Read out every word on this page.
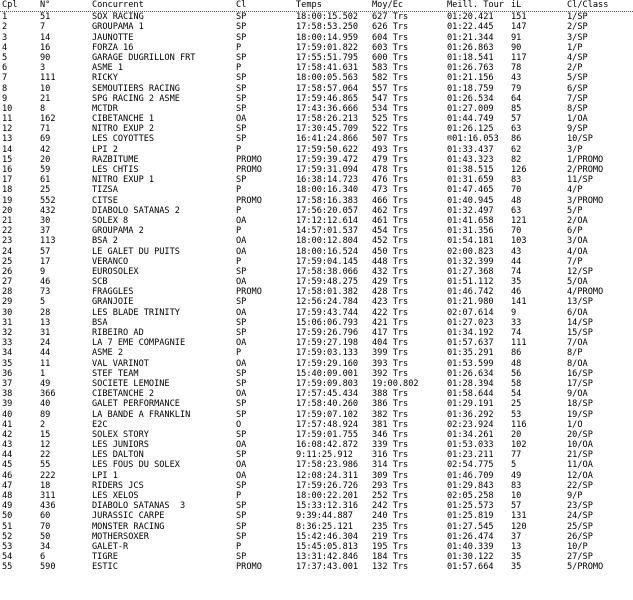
Cpl	N°	Concurrent	Cl	Temps	Moy/Ec	Meill. Tour iL	Cl/Class
1	51	SOX RACING	SP	18:00:15.502 627 Trs	01:20.421 151	1/SP
2	7	GROUPAMA 1	SP	17:58:53.250 626 Trs	01:22.445 147	2/SP
3	14	JAUNOTTE	SP	18:00:14.959 604 Trs	01:21.344 91	3/SP
4	16	FORZA 16	P	17:59:01.822 603 Trs	01:26.863 90	1/P
5	90	GARAGE DUGRILLON FRT	SP	17:55:51.795 600 Trs	01:18.541 117	4/SP
6	3	ASME 1	P	17:58:41.631 583 Trs	01:26.763 78	2/P
7	111	RICKY	SP	18:00:05.563 582 Trs	01:21.156 43	5/SP
8	10	SEMOUTIERS RACING	SP	17:58:57.064 557 Trs	01:18.759 79	6/SP
9	21	SPG RACING 2 ASME	SP	17:59:46.865 547 Trs	01:26.534 64	7/SP
10	8	MCTDR	SP	17:43:36.666 534 Trs	01:27.009 85	8/SP
11	162	CIBETANCHE 1	OA	17:58:26.213 525 Trs	01:44.749 57	1/OA
12	71	NITRO EXUP 2	SP	17:30:45.709 522 Trs	01:26.125 63	9/SP
13	69	LES COYOTTES	SP	16:41:24.866 507 Trs	®01:16.053 86	10/SP
14	42	LPI 2	P	17:59:50.622 493 Trs	01:33.437 62	3/P
15	20	RAZBITUME	PROMO	17:59:39.472 479 Trs	01:43.323 82	1/PROMO
16	59	LES CHTIS	PROMO	17:59:31.094 478 Trs	01:38.515 126	2/PROMO
17	61	NITRO EXUP 1	SP	16:38:14.723 476 Trs	01:31.659 83	11/SP
18	25	TIZSA	P	18:00:16.340 473 Trs	01:47.465 70	4/P
19	552	CITSE	PROMO	17:58:16.383 466 Trs	01:40.945 48	3/PROMO
20	432	DIABOLO SATANAS 2	P	17:56:20.057 462 Trs	01:32.497 63	5/P
21	30	SOLEX 8	OA	17:12:12.614 461 Trs	01:41.658 121	2/OA
22	37	GROUPAMA 2	P	14:57:01.537 454 Trs	01:31.356 70	6/P
23	113	BSA 2	OA	18:00:12.804 452 Trs	01:54.181 103	3/OA
24	57	LE GALET DU PUITS	OA	18:00:16.524 450 Trs	02:00.823 43	4/OA
25	17	VERANCO	P	17:59:04.145 448 Trs	01:32.399 44	7/P
26	9	EUROSOLEX	SP	17:58:38.066 432 Trs	01:27.368 74	12/SP
27	46	SCB	OA	17:59:48.275 429 Trs	01:51.112 35	5/OA
28	73	FRAGGLES	PROMO	17:58:01.382 428 Trs	01:46.742 46	4/PROMO
29	5	GRANJOIE	SP	12:56:24.784 423 Trs	01:21.980 141	13/SP
30	28	LES BLADE TRINITY	OA	17:59:43.744 422 Trs	02:07.614 9	6/OA
31	13	BSA	SP	15:06:06.793 421 Trs	01:27.023 33	14/SP
32	31	RIBEIRO AD	SP	17:59:26.796 417 Trs	01:34.192 74	15/SP
33	24	LA 7 EME COMPAGNIE	OA	17:59:27.198 404 Trs	01:57.637 111	7/OA
34	44	ASME 2	P	17:59:03.133 399 Trs	01:35.291 86	8/P
35	11	VAL VARINOT	OA	17:59:29.160 393 Trs	01:53.599 48	8/OA
36	1	STEF TEAM	SP	15:40:09.001 392 Trs	01:26.634 56	16/SP
37	49	SOCIETE LEMOINE	SP	17:59:09.803 19:00.802	01:28.394 58	17/SP
38	366	CIBETANCHE 2	OA	17:57:45.434 388 Trs	01:58.644 54	9/OA
39	40	GALET PERFORMANCE	SP	17:58:40.260 386 Trs	01:29.191 25	18/SP
40	89	LA BANDE A FRANKLIN	SP	17:59:07.102 382 Trs	01:36.292 53	19/SP
41	2	E2C	O	17:57:48.924 381 Trs	02:23.924 116	1/O
42	15	SOLEX STORY	SP	17:59:01.755 346 Trs	01:34.261 20	20/SP
43	12	LES JUNIORS	OA	16:08:42.872 339 Trs	01:53.033 102	10/OA
44	22	LES DALTON	SP	9:11:25.912 316 Trs	01:23.211 77	21/SP
45	55	LES FOUS DU SOLEX	OA	17:58:23.986 314 Trs	02:54.775 5	11/OA
46	222	LPI 1	OA	12:08:24.311 309 Trs	01:46.709 49	12/OA
47	18	RIDERS JCS	SP	17:59:26.726 293 Trs	01:29.843 83	22/SP
48	311	LES XELOS	P	18:00:22.201 252 Trs	02:05.258 10	9/P
49	436	DIABOLO SATANAS  3	SP	15:33:12.316 242 Trs	01:25.573 57	23/SP
50	60	JURASSIC CARPE	SP	9:39:44.887 240 Trs	01:25.819 131	24/SP
51	70	MONSTER RACING	SP	8:36:25.121 235 Trs	01:27.545 120	25/SP
52	50	MOTHERSOXER	SP	15:42:46.304 219 Trs	01:26.474 37	26/SP
53	34	GALET-R	P	15:45:05.813 195 Trs	01:40.339 13	10/P
54	6	TIGRE	SP	13:31:42.846 184 Trs	01:30.122 35	27/SP
55	590	ESTIC	PROMO	17:37:43.001 132 Trs	01:57.664 35	5/PROMO
